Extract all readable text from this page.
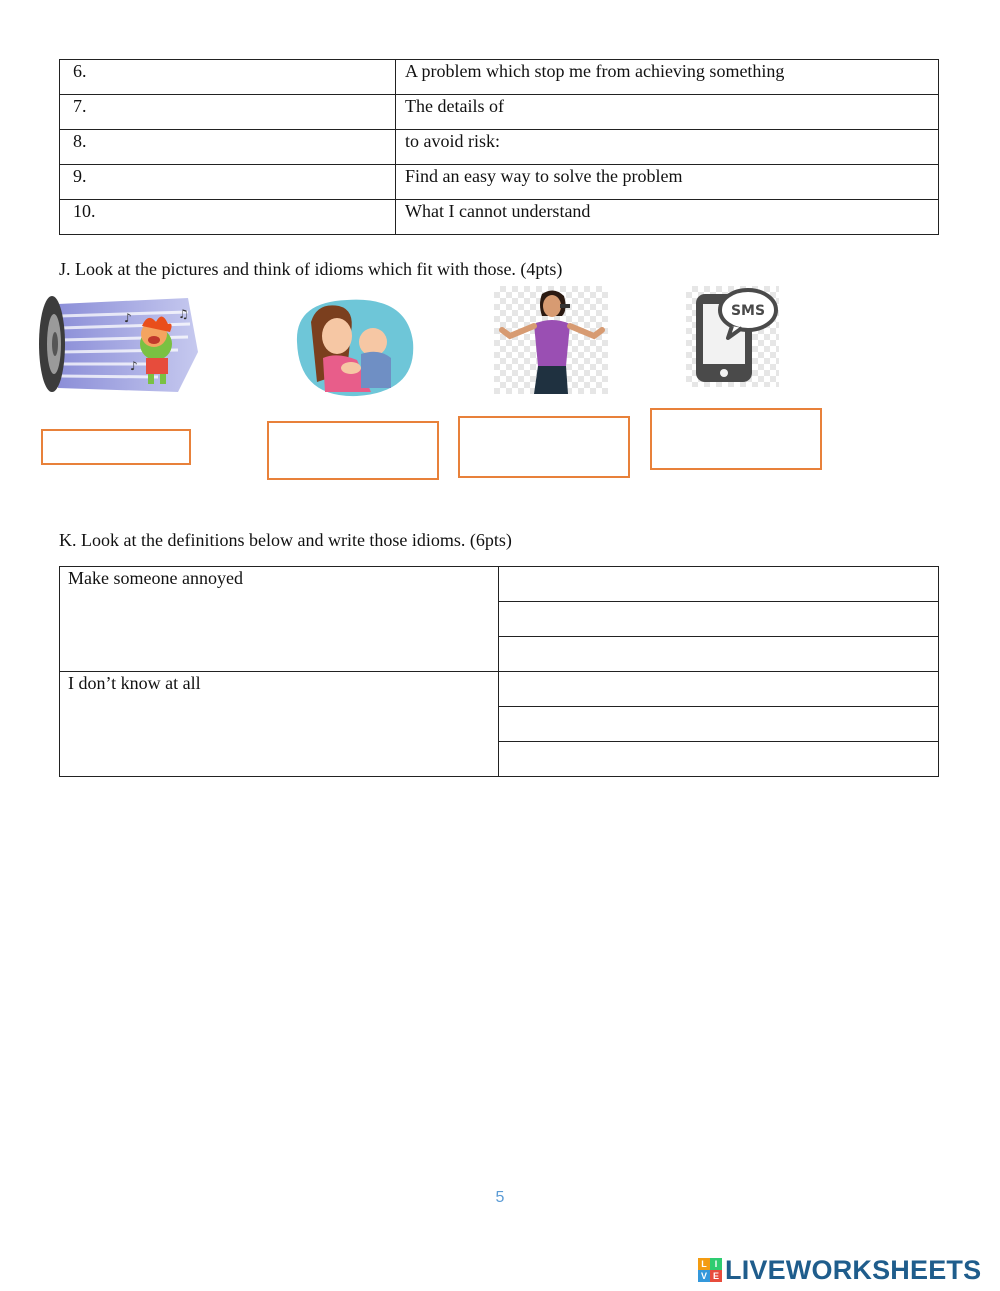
6.	A problem which stop me from achieving something
7.	The details of
8.	to avoid risk:
9.	Find an easy way to solve the problem
10.	What I cannot understand
J. Look at the pictures and think of idioms which fit with those. (4pts)
♪	♫
♪
SMS
K. Look at the definitions below and write those idioms. (6pts)
Make someone annoyed	

I don’t know at all	

5
L I
V E LIVEWORKSHEETS
